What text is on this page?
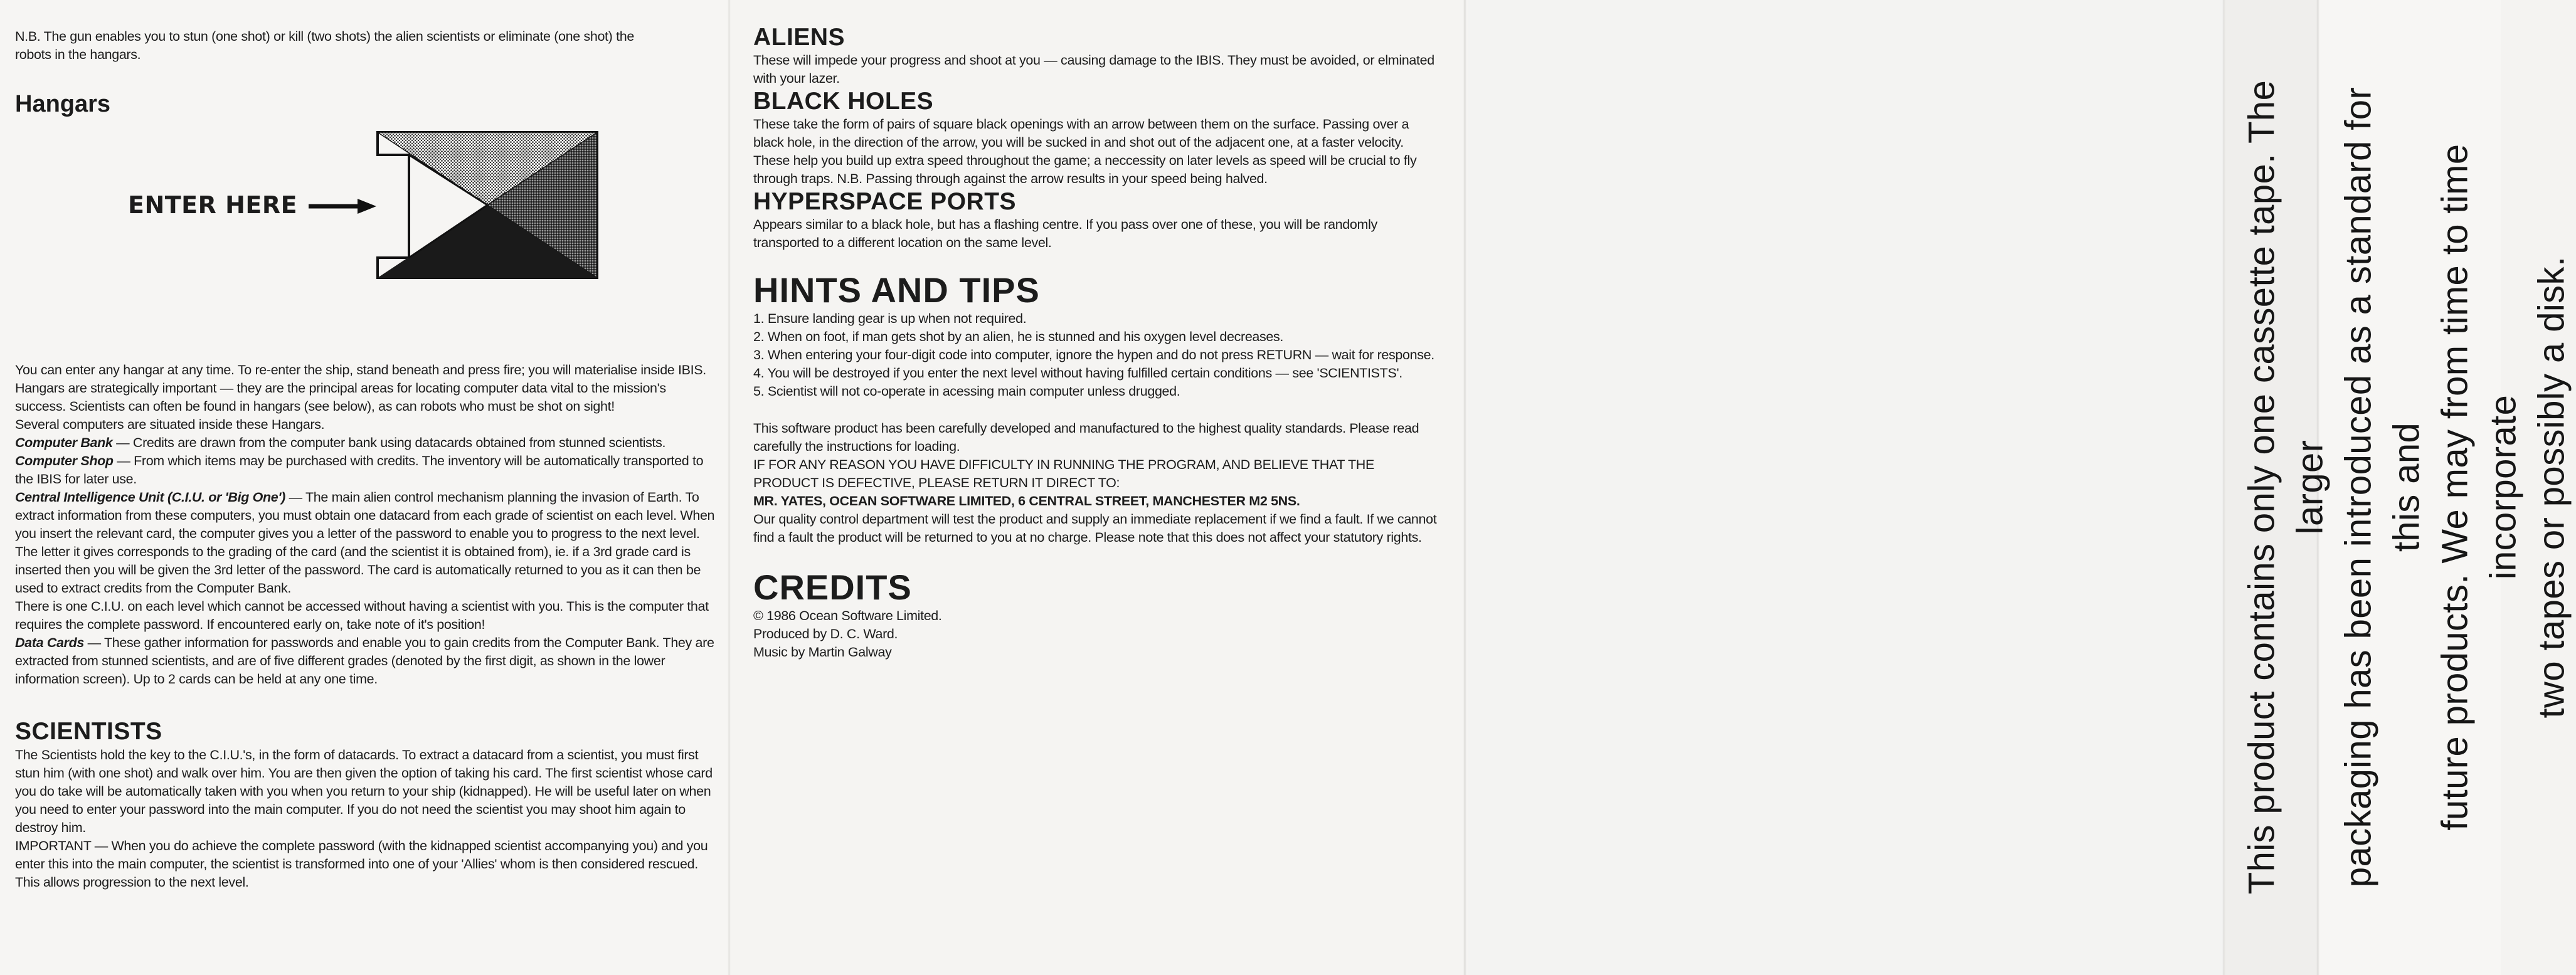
N.B. The gun enables you to stun (one shot) or kill (two shots) the alien scientists or eliminate (one shot) the robots in the hangars.

Hangars

You can enter any hangar at any time. To re-enter the ship, stand beneath and press fire; you will materialise inside IBIS.

Hangars are strategically important — they are the principal areas for locating computer data vital to the mission's success. Scientists can often be found in hangars (see below), as can robots who must be shot on sight!

Several computers are situated inside these Hangars.

Computer Bank — Credits are drawn from the computer bank using datacards obtained from stunned scientists.

Computer Shop — From which items may be purchased with credits. The inventory will be automatically transported to the IBIS for later use.

Central Intelligence Unit (C.I.U. or 'Big One') — The main alien control mechanism planning the invasion of Earth. To extract information from these computers, you must obtain one datacard from each grade of scientist on each level. When you insert the relevant card, the computer gives you a letter of the password to enable you to progress to the next level. The letter it gives corresponds to the grading of the card (and the scientist it is obtained from), ie. if a 3rd grade card is inserted then you will be given the 3rd letter of the password. The card is automatically returned to you as it can then be used to extract credits from the Computer Bank.

There is one C.I.U. on each level which cannot be accessed without having a scientist with you. This is the computer that requires the complete password. If encountered early on, take note of it's position!

Data Cards — These gather information for passwords and enable you to gain credits from the Computer Bank. They are extracted from stunned scientists, and are of five different grades (denoted by the first digit, as shown in the lower information screen). Up to 2 cards can be held at any one time.

SCIENTISTS

The Scientists hold the key to the C.I.U.'s, in the form of datacards. To extract a datacard from a scientist, you must first stun him (with one shot) and walk over him. You are then given the option of taking his card. The first scientist whose card you do take will be automatically taken with you when you return to your ship (kidnapped). He will be useful later on when you need to enter your password into the main computer. If you do not need the scientist you may shoot him again to destroy him.

IMPORTANT — When you do achieve the complete password (with the kidnapped scientist accompanying you) and you enter this into the main computer, the scientist is transformed into one of your 'Allies' whom is then considered rescued. This allows progression to the next level.

ENTER HERE
ALIENS

These will impede your progress and shoot at you — causing damage to the IBIS. They must be avoided, or elminated with your lazer.

BLACK HOLES

These take the form of pairs of square black openings with an arrow between them on the surface. Passing over a black hole, in the direction of the arrow, you will be sucked in and shot out of the adjacent one, at a faster velocity. These help you build up extra speed throughout the game; a neccessity on later levels as speed will be crucial to fly through traps. N.B. Passing through against the arrow results in your speed being halved.

HYPERSPACE PORTS

Appears similar to a black hole, but has a flashing centre. If you pass over one of these, you will be randomly transported to a different location on the same level.

HINTS AND TIPS

1. Ensure landing gear is up when not required.

2. When on foot, if man gets shot by an alien, he is stunned and his oxygen level decreases.

3. When entering your four-digit code into computer, ignore the hypen and do not press RETURN — wait for response.

4. You will be destroyed if you enter the next level without having fulfilled certain conditions — see 'SCIENTISTS'.

5. Scientist will not co-operate in acessing main computer unless drugged.

This software product has been carefully developed and manufactured to the highest quality standards. Please read carefully the instructions for loading.

IF FOR ANY REASON YOU HAVE DIFFICULTY IN RUNNING THE PROGRAM, AND BELIEVE THAT THE PRODUCT IS DEFECTIVE, PLEASE RETURN IT DIRECT TO:

MR. YATES, OCEAN SOFTWARE LIMITED, 6 CENTRAL STREET, MANCHESTER M2 5NS.

Our quality control department will test the product and supply an immediate replacement if we find a fault. If we cannot find a fault the product will be returned to you at no charge. Please note that this does not affect your statutory rights.

CREDITS

© 1986 Ocean Software Limited.

Produced by D. C. Ward.

Music by Martin Galway	This product contains only one cassette tape. The larger packaging has been introduced as a standard for this and future products. We may from time to time incorporate two tapes or possibly a disk.
